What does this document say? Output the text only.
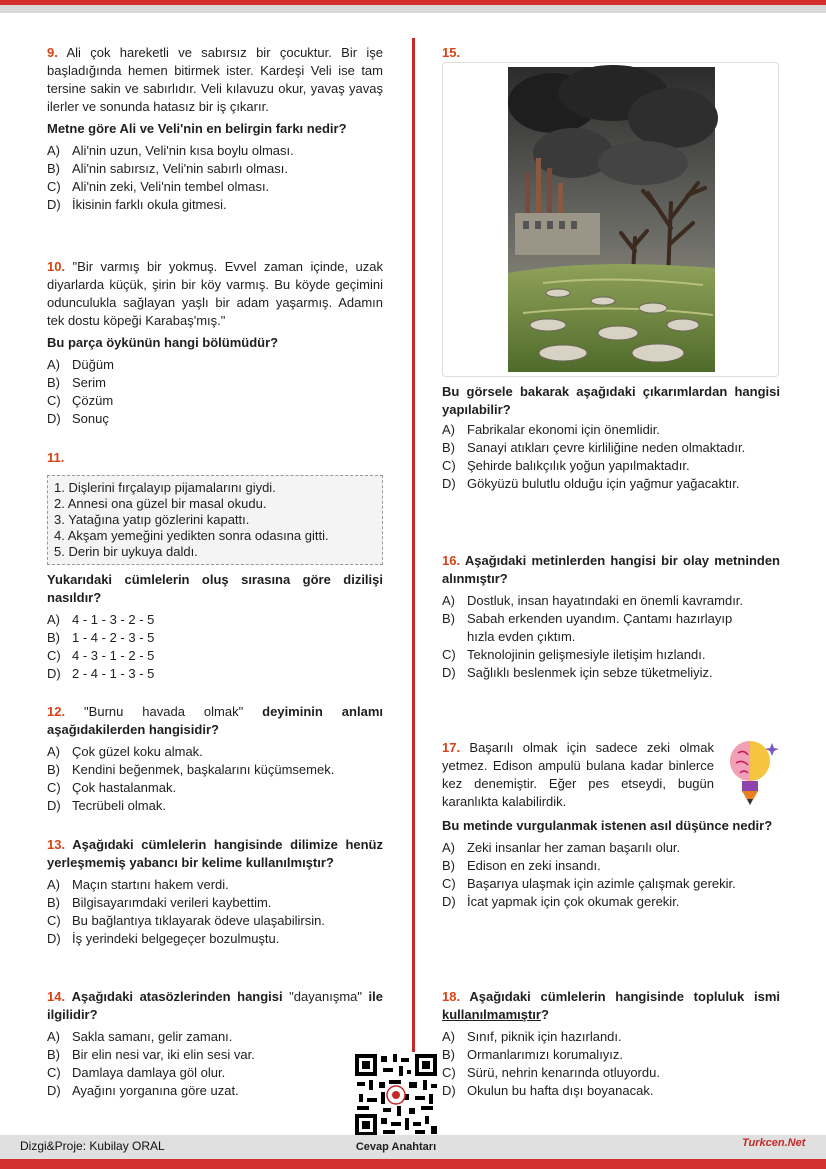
9. Ali çok hareketli ve sabırsız bir çocuktur. Bir işe başladığında hemen bitirmek ister. Kardeşi Veli ise tam tersine sakin ve sabırlıdır. Veli kılavuzu okur, yavaş yavaş ilerler ve sonunda hatasız bir iş çıkarır.
Metne göre Ali ve Veli'nin en belirgin farkı nedir?
A) Ali'nin uzun, Veli'nin kısa boylu olması.
B) Ali'nin sabırsız, Veli'nin sabırlı olması.
C) Ali'nin zeki, Veli'nin tembel olması.
D) İkisinin farklı okula gitmesi.
10. "Bir varmış bir yokmuş. Evvel zaman içinde, uzak diyarlarda küçük, şirin bir köy varmış. Bu köyde geçimini odunculukla sağlayan yaşlı bir adam yaşarmış. Adamın tek dostu köpeği Karabaş'mış."
Bu parça öykünün hangi bölümüdür?
A) Düğüm
B) Serim
C) Çözüm
D) Sonuç
11.
1. Dişlerini fırçalayıp pijamalarını giydi.
2. Annesi ona güzel bir masal okudu.
3. Yatağına yatıp gözlerini kapattı.
4. Akşam yemeğini yedikten sonra odasına gitti.
5. Derin bir uykuya daldı.
Yukarıdaki cümlelerin oluş sırasına göre dizilişi nasıldır?
A) 4 - 1 - 3 - 2 - 5
B) 1 - 4 - 2 - 3 - 5
C) 4 - 3 - 1 - 2 - 5
D) 2 - 4 - 1 - 3 - 5
12. "Burnu havada olmak" deyiminin anlamı aşağıdakilerden hangisidir?
A) Çok güzel koku almak.
B) Kendini beğenmek, başkalarını küçümsemek.
C) Çok hastalanmak.
D) Tecrübeli olmak.
13. Aşağıdaki cümlelerin hangisinde dilimize henüz yerleşmemiş yabancı bir kelime kullanılmıştır?
A) Maçın startını hakem verdi.
B) Bilgisayarımdaki verileri kaybettim.
C) Bu bağlantıya tıklayarak ödeve ulaşabilirsin.
D) İş yerindeki belgegeçer bozulmuştu.
14. Aşağıdaki atasözlerinden hangisi "dayanışma" ile ilgilidir?
A) Sakla samanı, gelir zamanı.
B) Bir elin nesi var, iki elin sesi var.
C) Damlaya damlaya göl olur.
D) Ayağını yorganına göre uzat.
15.
Bu görsele bakarak aşağıdaki çıkarımlardan hangisi yapılabilir?
A) Fabrikalar ekonomi için önemlidir.
B) Sanayi atıkları çevre kirliliğine neden olmaktadır.
C) Şehirde balıkçılık yoğun yapılmaktadır.
D) Gökyüzü bulutlu olduğu için yağmur yağacaktır.
16. Aşağıdaki metinlerden hangisi bir olay metninden alınmıştır?
A) Dostluk, insan hayatındaki en önemli kavramdır.
B) Sabah erkenden uyandım. Çantamı hazırlayıp hızla evden çıktım.
C) Teknolojinin gelişmesiyle iletişim hızlandı.
D) Sağlıklı beslenmek için sebze tüketmeliyiz.
17. Başarılı olmak için sadece zeki olmak yetmez. Edison ampulü bulana kadar binlerce kez denemiştir. Eğer pes etseydi, bugün karanlıkta kalabilirdik.
Bu metinde vurgulanmak istenen asıl düşünce nedir?
A) Zeki insanlar her zaman başarılı olur.
B) Edison en zeki insandı.
C) Başarıya ulaşmak için azimle çalışmak gerekir.
D) İcat yapmak için çok okumak gerekir.
18. Aşağıdaki cümlelerin hangisinde topluluk ismi kullanılmamıştır?
A) Sınıf, piknik için hazırlandı.
B) Ormanlarımızı korumalıyız.
C) Sürü, nehrin kenarında otluyordu.
D) Okulun bu hafta dışı boyanacak.
Dizgi&Proje: Kubilay ORAL	Cevap Anahtarı	Turkcen.Net
